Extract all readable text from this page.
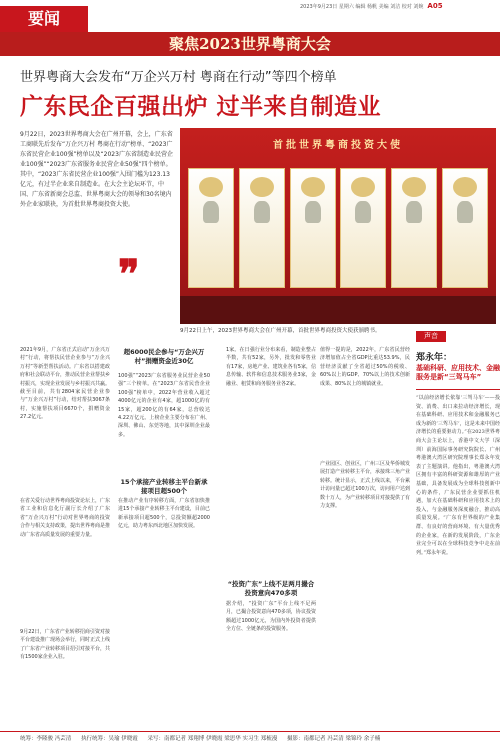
要闻
2023年9月23日 星期六 编辑 杨帆 美编 刘洁 校对 刘婉 A05
聚焦2023世界粤商大会
世界粤商大会发布“万企兴万村 粤商在行动”等四个榜单
广东民企百强出炉 过半来自制造业
9月22日，2023世界粤商大会在广州开幕，会上，广东省工商联先后发布“万企兴万村 粤商在行动”榜单、“2023广东省民营企业100强”榜单以及“2023广东省制造业民营企业100强”“2023广东省服务业民营企业50强”四个榜单。其中，“2023广东省民营企业100强”入围门槛为123.13亿元，有过半企业来自制造业。在大会主论坛环节，中国、广东省新商会总监、世界粤商大会的领导和30名境内外企业家联袂，为首批世界粤商投资大使。
❞
首批世界粤商投资大使
9月22日上午，2023世界粤商大会在广州开幕，首批世界粤商投资大使获颁聘书。
2021年9月，广东省正式启动“万企兴万村”行动，将帮扶民营企业参与“万企兴万村”等新型帮扶活动。广东省以搭建政府和社会联动平台，推动民营企业帮扶乡村振兴，实现企业发展与乡村振兴共赢。截至目前，共有2804家民营企业参与“万企兴万村”行动，结对帮扶3067条村，实施帮扶项目6670个，捐赠资金27.2亿元。
在省关爱行动世界粤商投资论坛上，广东省工业和信息化厅副厅长介绍了广东省“万企兴万村”行动对世界粤商的投资合作与相关支持政策，提出世界粤商是推动广东省高质量发展的重要力量。
9月22日，广东省产业转移招商引资对接平台建设推广现场会举行，同时正式上线了广东省产业转移项目招引对接平台，共有1500家企业入驻。
超6000民企参与“万企兴万村”捐赠资金近30亿
100强”“2023广东省服务业民营企业50强”三个榜单。在“2023广东省民营企业100强”榜单中，2022年营业收入超过4000亿元的企业有4家，超1000亿的有15家，超200亿的有64家，总营收达4.22万亿元。上榜企业主要分布在广州、深圳、佛山、东莞等地，其中深圳企业最多。
15个承接产业转移主平台新承接项目超500个
在推动产业有序转移方面，广东省加快推进15个承接产业转移主平台建设，目前已新承接项目超500个，总投资额超2000亿元，助力粤东西北地区加快发展。
1家。在日强行业分布来看，制造业整占半数，共有52家，另外，批发和零售业有17家，房地产业、建筑业各有5家，信息传输、软件和信息技术服务业3家，金融业、租赁和商务服务业各2家。
“投资广东”上线不足两月撮合投资意向470多项
据介绍，“投资广东”平台上线不足两月，已撮合投资意向470多项，协议投资额超过1000亿元，为国内外投资者提供全方位、全链条的投资服务。
值得一提的是，2022年，广东省民营经济增加值占全省GDP比重达53.9%，民营经济贡献了全省超过50%的税收、60%以上的GDP、70%以上的技术创新成果、80%以上的城镇就业。
产业园区、创业区，广州三区及华侨城发展打造产业转移主平台，承接珠三角产业转移。统计显示，正式上线以来，平台累计访问量已超过100万次，访问用户达到数十万人，为产业转移项目对接提供了有力支撑。
声音
郑永年：
基础科研、应用技术、金融服务是新“三驾马车”
“以前经济增长依靠‘三驾马车’——投资、消费、出口来拉动经济增长，现在基础科研、应用技术和金融服务已成为新的‘三驾马车’，这是未来中国经济增长的重要驱动力。”在2023世界粤商大会主论坛上，香港中文大学（深圳）前海国际事务研究院院长、广州粤港澳大湾区研究院理事长郑永年发表了主题演讲。他指出，粤港澳大湾区拥有丰富的科研资源和雄厚的产业基础，具备发展成为全球科技创新中心的条件，广东民营企业要抓住机遇，加大在基础科研和应用技术上的投入，与金融服务深度融合，推动高质量发展。“广东有世界级的产业集群、有良好的营商环境、有大量优秀的企业家，在新的发展阶段，广东企业完全可以在全球科技竞争中走在前列。”郑永年说。
统筹：李隆骏 冯芸清 执行统筹：吴瑜 伊晓霞 采写：南都记者 郑翔博 伊晓霞 梁思华 实习生 郑梳漫 摄影：南都记者 冯芸清 梁锦玲 余子楠
